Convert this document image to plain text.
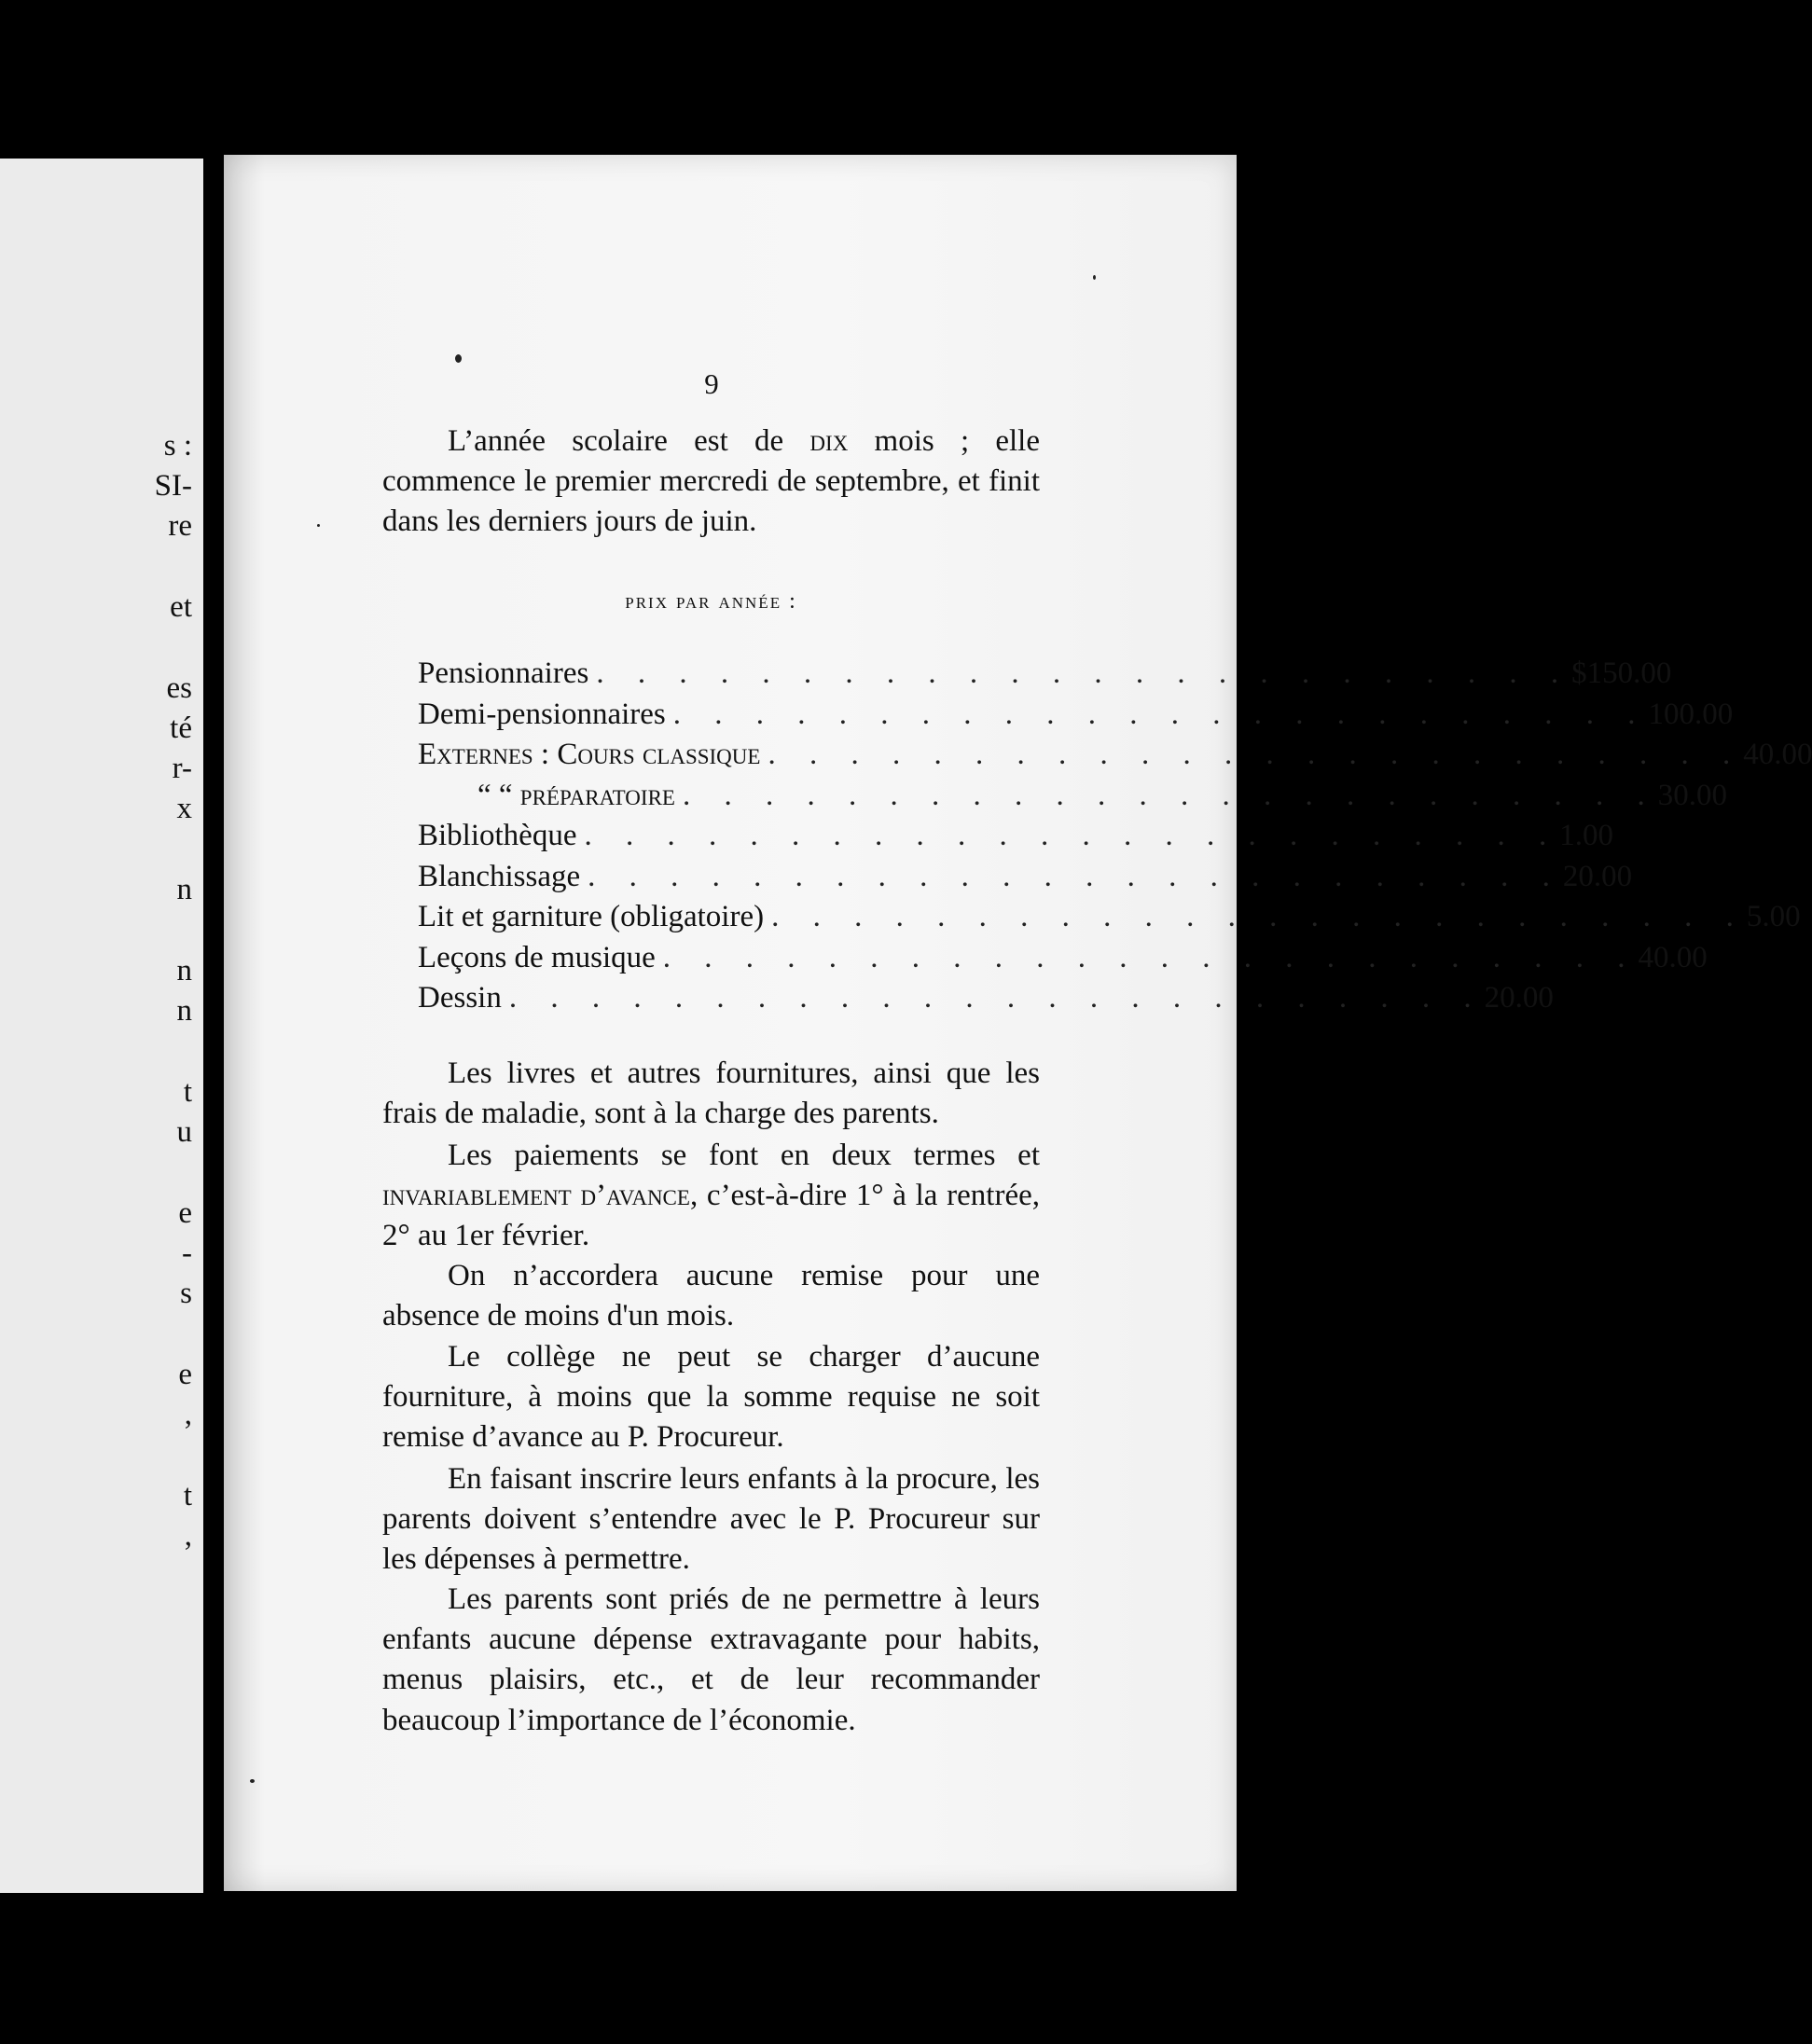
s :
SI-
re
et
es
té
r-
x
n
n
n
t
u
e
-
s
e
,
t
,
9

L’année scolaire est de dix mois ; elle commence le premier mercredi de septembre, et finit dans les derniers jours de juin.

prix par année :
Pensionnaires . . . . . . . . . . . . . . . . . . . . . . . . $150.00
Demi-pensionnaires . . . . . . . . . . . . . . . . . . . . . . . . 100.00
Externes : Cours classique . . . . . . . . . . . . . . . . . . . . . . . . 40.00
“ “ préparatoire . . . . . . . . . . . . . . . . . . . . . . . . 30.00
Bibliothèque . . . . . . . . . . . . . . . . . . . . . . . . 1.00
Blanchissage . . . . . . . . . . . . . . . . . . . . . . . . 20.00
Lit et garniture (obligatoire) . . . . . . . . . . . . . . . . . . . . . . . . 5.00
Leçons de musique . . . . . . . . . . . . . . . . . . . . . . . . 40.00
Dessin . . . . . . . . . . . . . . . . . . . . . . . . 20.00

Les livres et autres fournitures, ainsi que les frais de maladie, sont à la charge des parents.

Les paiements se font en deux termes et invariablement d’avance, c’est-à-dire 1° à la rentrée, 2° au 1er février.

On n’accordera aucune remise pour une absence de moins d'un mois.

Le collège ne peut se charger d’aucune fourniture, à moins que la somme requise ne soit remise d’avance au P. Procureur.

En faisant inscrire leurs enfants à la procure, les parents doivent s’entendre avec le P. Procureur sur les dépenses à permettre.

Les parents sont priés de ne permettre à leurs enfants aucune dépense extravagante pour habits, menus plaisirs, etc., et de leur recommander beaucoup l’importance de l’économie.
